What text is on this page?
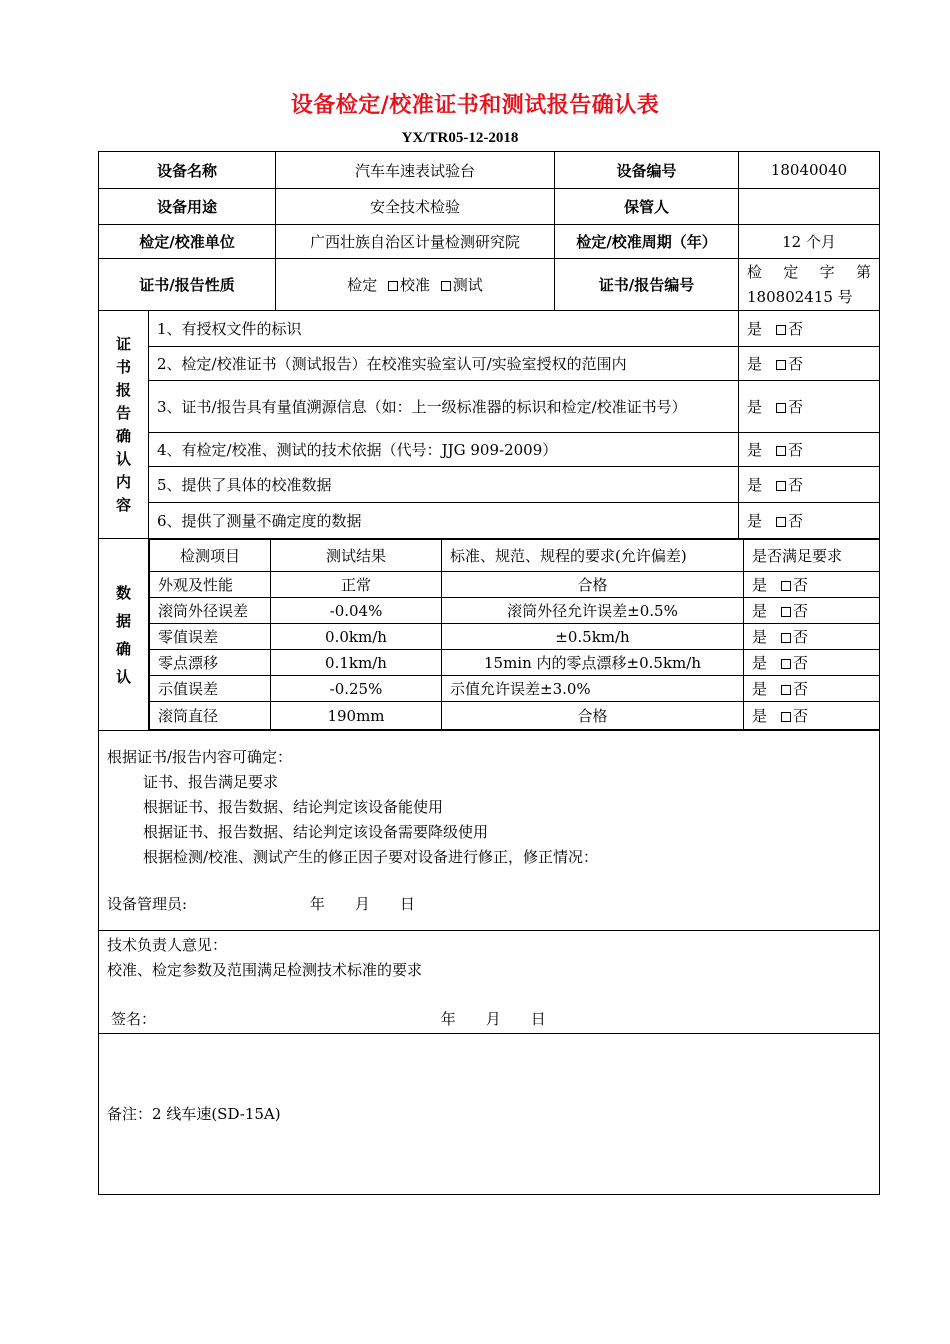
设备检定/校准证书和测试报告确认表
YX/TR05-12-2018
设备名称	汽车车速表试验台	设备编号	18040040
设备用途	安全技术检验	保管人	
检定/校准单位	广西壮族自治区计量检测研究院	检定/校准周期（年）	12 个月
证书/报告性质	检定 校准 测试	证书/报告编号	检 定 字 第 180802415 号

证
书
报
告
确
认
内
容
	1、有授权文件的标识	是 否
2、检定/校准证书（测试报告）在校准实验室认可/实验室授权的范围内	是 否
3、证书/报告具有量值溯源信息（如：上一级标准器的标识和检定/校准证书号）	是 否
4、有检定/校准、测试的技术依据（代号：JJG 909-2009）	是 否
5、提供了具体的校准数据	是 否
6、提供了测量不确定度的数据	是 否

数
据
确
认

检测项目	测试结果	标准、规范、规程的要求(允许偏差)	是否满足要求
外观及性能	正常	合格	是 否
滚筒外径误差	-0.04%	滚筒外径允许误差±0.5%	是 否
零值误差	0.0km/h	±0.5km/h	是 否
零点漂移	0.1km/h	15min 内的零点漂移±0.5km/h	是 否
示值误差	-0.25%	示值允许误差±3.0%	是 否
滚筒直径	190mm	合格	是 否

根据证书/报告内容可确定：
证书、报告满足要求
根据证书、报告数据、结论判定该设备能使用
根据证书、报告数据、结论判定该设备需要降级使用
根据检测/校准、测试产生的修正因子要对设备进行修正，修正情况：
设备管理员:	年　　月　　日

技术负责人意见：
校准、检定参数及范围满足检测技术标准的要求
签名：	年　　月　　日

备注：2 线车速(SD-15A)
